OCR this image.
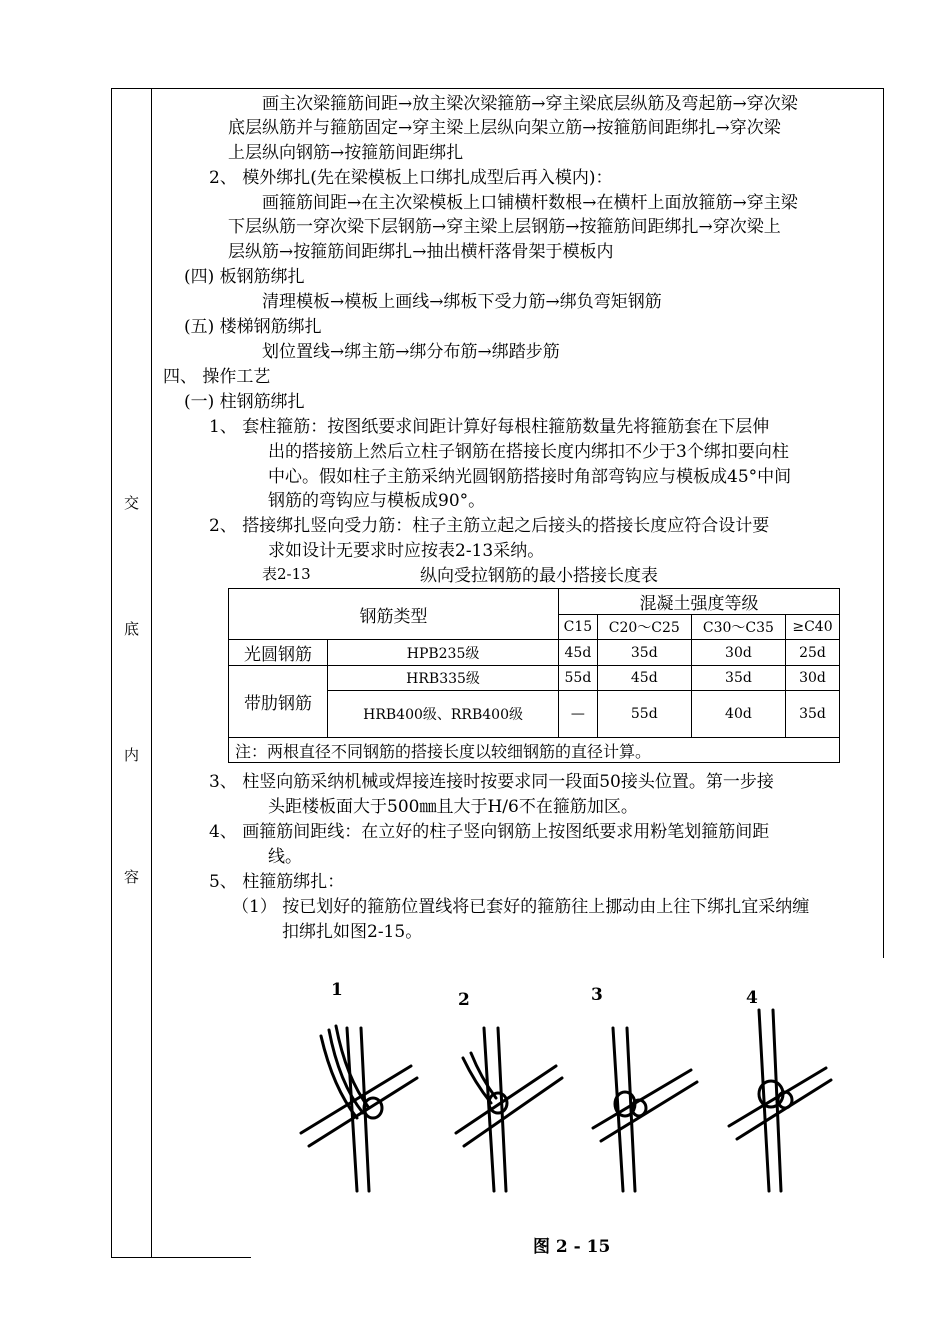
交
底
内
容
画主次梁箍筋间距→放主梁次梁箍筋→穿主梁底层纵筋及弯起筋→穿次梁
底层纵筋并与箍筋固定→穿主梁上层纵向架立筋→按箍筋间距绑扎→穿次梁
上层纵向钢筋→按箍筋间距绑扎
2、 模外绑扎(先在梁模板上口绑扎成型后再入模内)：
画箍筋间距→在主次梁模板上口铺横杆数根→在横杆上面放箍筋→穿主梁
下层纵筋一穿次梁下层钢筋→穿主梁上层钢筋→按箍筋间距绑扎→穿次梁上
层纵筋→按箍筋间距绑扎→抽出横杆落骨架于模板内
(四) 板钢筋绑扎
清理模板→模板上画线→绑板下受力筋→绑负弯矩钢筋
(五) 楼梯钢筋绑扎
划位置线→绑主筋→绑分布筋→绑踏步筋
四、 操作工艺
(一) 柱钢筋绑扎
1、 套柱箍筋：按图纸要求间距计算好每根柱箍筋数量先将箍筋套在下层伸
出的搭接筋上然后立柱子钢筋在搭接长度内绑扣不少于3个绑扣要向柱
中心。假如柱子主筋采纳光圆钢筋搭接时角部弯钩应与模板成45°中间
钢筋的弯钩应与模板成90°。
2、 搭接绑扎竖向受力筋：柱子主筋立起之后接头的搭接长度应符合设计要
求如设计无要求时应按表2-13采纳。
3、 柱竖向筋采纳机械或焊接连接时按要求同一段面50接头位置。第一步接
头距楼板面大于500㎜且大于H/6不在箍筋加区。
4、 画箍筋间距线：在立好的柱子竖向钢筋上按图纸要求用粉笔划箍筋间距
线。
5、 柱箍筋绑扎：
（1） 按已划好的箍筋位置线将已套好的箍筋往上挪动由上往下绑扎宜采纳缠
扣绑扎如图2-15。
表2-13	纵向受拉钢筋的最小搭接长度表
钢筋类型		混凝土强度等级			
		C15	C20～C25	C30～C35	≥C40
光圆钢筋	HPB235级	45d	35d	30d	25d
带肋钢筋	HRB335级	55d	45d	35d	30d
	HRB400级、RRB400级	—	55d	40d	35d
注：两根直径不同钢筋的搭接长度以较细钢筋的直径计算。					
1	2	3	4
图 2 - 15
